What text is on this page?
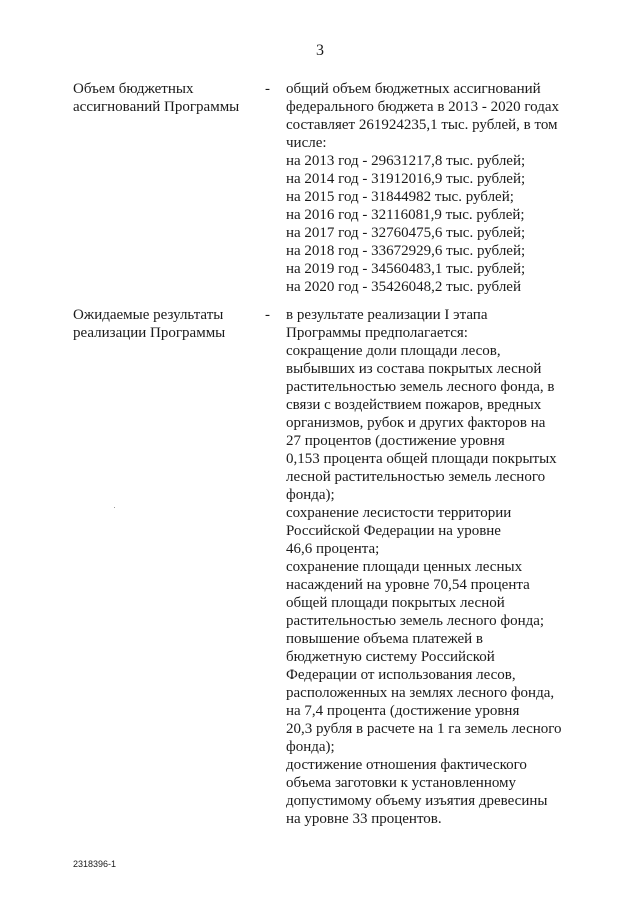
3
Объем бюджетных
ассигнований Программы
- общий объем бюджетных ассигнований
федерального бюджета в 2013 - 2020 годах
составляет 261924235,1 тыс. рублей, в том
числе:
на 2013 год - 29631217,8 тыс. рублей;
на 2014 год - 31912016,9 тыс. рублей;
на 2015 год - 31844982 тыс. рублей;
на 2016 год - 32116081,9 тыс. рублей;
на 2017 год - 32760475,6 тыс. рублей;
на 2018 год - 33672929,6 тыс. рублей;
на 2019 год - 34560483,1 тыс. рублей;
на 2020 год - 35426048,2 тыс. рублей
Ожидаемые результаты
реализации Программы
- в результате реализации I этапа
Программы предполагается:
сокращение доли площади лесов,
выбывших из состава покрытых лесной
растительностью земель лесного фонда, в
связи с воздействием пожаров, вредных
организмов, рубок и других факторов на
27 процентов (достижение уровня
0,153 процента общей площади покрытых
лесной растительностью земель лесного
фонда);
сохранение лесистости территории
Российской Федерации на уровне
46,6 процента;
сохранение площади ценных лесных
насаждений на уровне 70,54 процента
общей площади покрытых лесной
растительностью земель лесного фонда;
повышение объема платежей в
бюджетную систему Российской
Федерации от использования лесов,
расположенных на землях лесного фонда,
на 7,4 процента (достижение уровня
20,3 рубля в расчете на 1 га земель лесного
фонда);
достижение отношения фактического
объема заготовки к установленному
допустимому объему изъятия древесины
на уровне 33 процентов.
2318396-1
